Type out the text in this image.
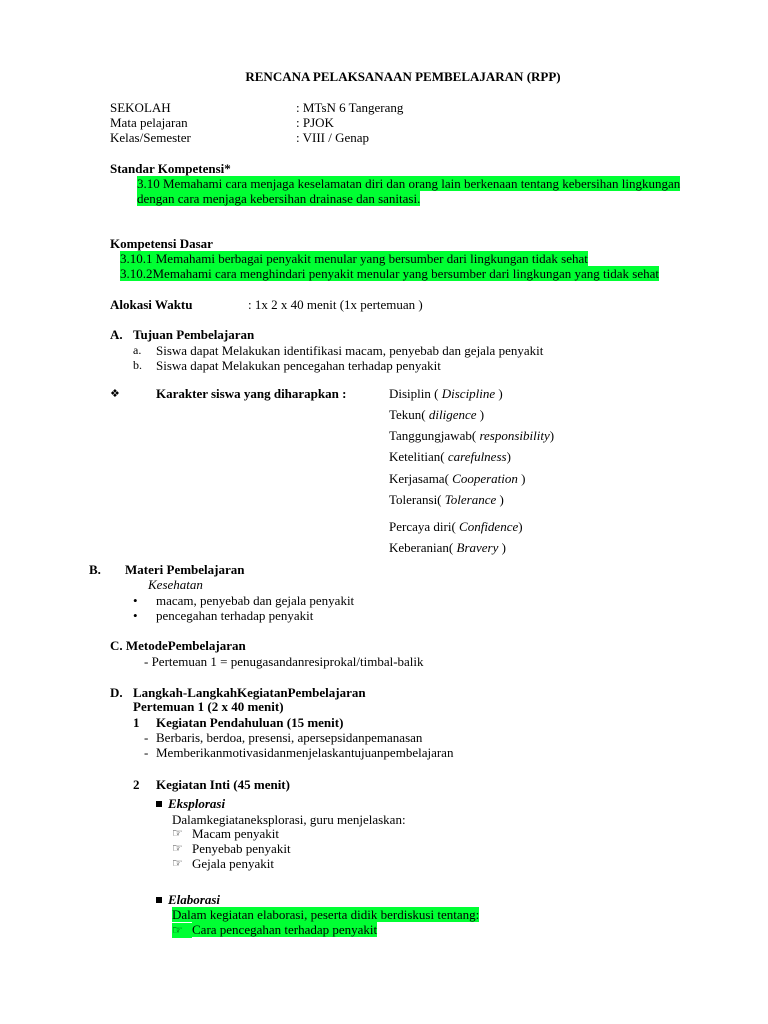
RENCANA PELAKSANAAN PEMBELAJARAN (RPP)
SEKOLAH	: MTsN 6 Tangerang
Mata pelajaran	: PJOK
Kelas/Semester	: VIII / Genap
Standar Kompetensi*
3.10 Memahami cara menjaga keselamatan diri dan orang lain berkenaan tentang kebersihan lingkungan
dengan cara menjaga kebersihan drainase dan sanitasi.
Kompetensi Dasar
3.10.1 Memahami berbagai penyakit menular yang bersumber dari lingkungan tidak sehat
3.10.2Memahami cara menghindari penyakit menular yang bersumber dari lingkungan yang tidak sehat
Alokasi Waktu	: 1x 2 x 40 menit (1x pertemuan )
A. Tujuan Pembelajaran
a. Siswa dapat Melakukan identifikasi macam, penyebab dan gejala penyakit
b. Siswa dapat Melakukan pencegahan terhadap penyakit
❖	Karakter siswa yang diharapkan :	Disiplin ( Discipline )
Tekun( diligence )
Tanggungjawab( responsibility)
Ketelitian( carefulness)
Kerjasama( Cooperation )
Toleransi( Tolerance )
Percaya diri( Confidence)
Keberanian( Bravery )
B. Materi Pembelajaran
Kesehatan
• macam, penyebab dan gejala penyakit
• pencegahan terhadap penyakit
C. MetodePembelajaran
- Pertemuan 1 = penugasandanresiprokal/timbal-balik
D. Langkah-LangkahKegiatanPembelajaran
Pertemuan 1 (2 x 40 menit)
1 Kegiatan Pendahuluan (15 menit)
- Berbaris, berdoa, presensi, apersepsidanpemanasan
- Memberikanmotivasidanmenjelaskantujuanpembelajaran
2 Kegiatan Inti (45 menit)
Eksplorasi
Dalamkegiataneksplorasi, guru menjelaskan:
☞ Macam penyakit
☞ Penyebab penyakit
☞ Gejala penyakit
Elaborasi
Dalam kegiatan elaborasi, peserta didik berdiskusi tentang:
☞ Cara pencegahan terhadap penyakit
